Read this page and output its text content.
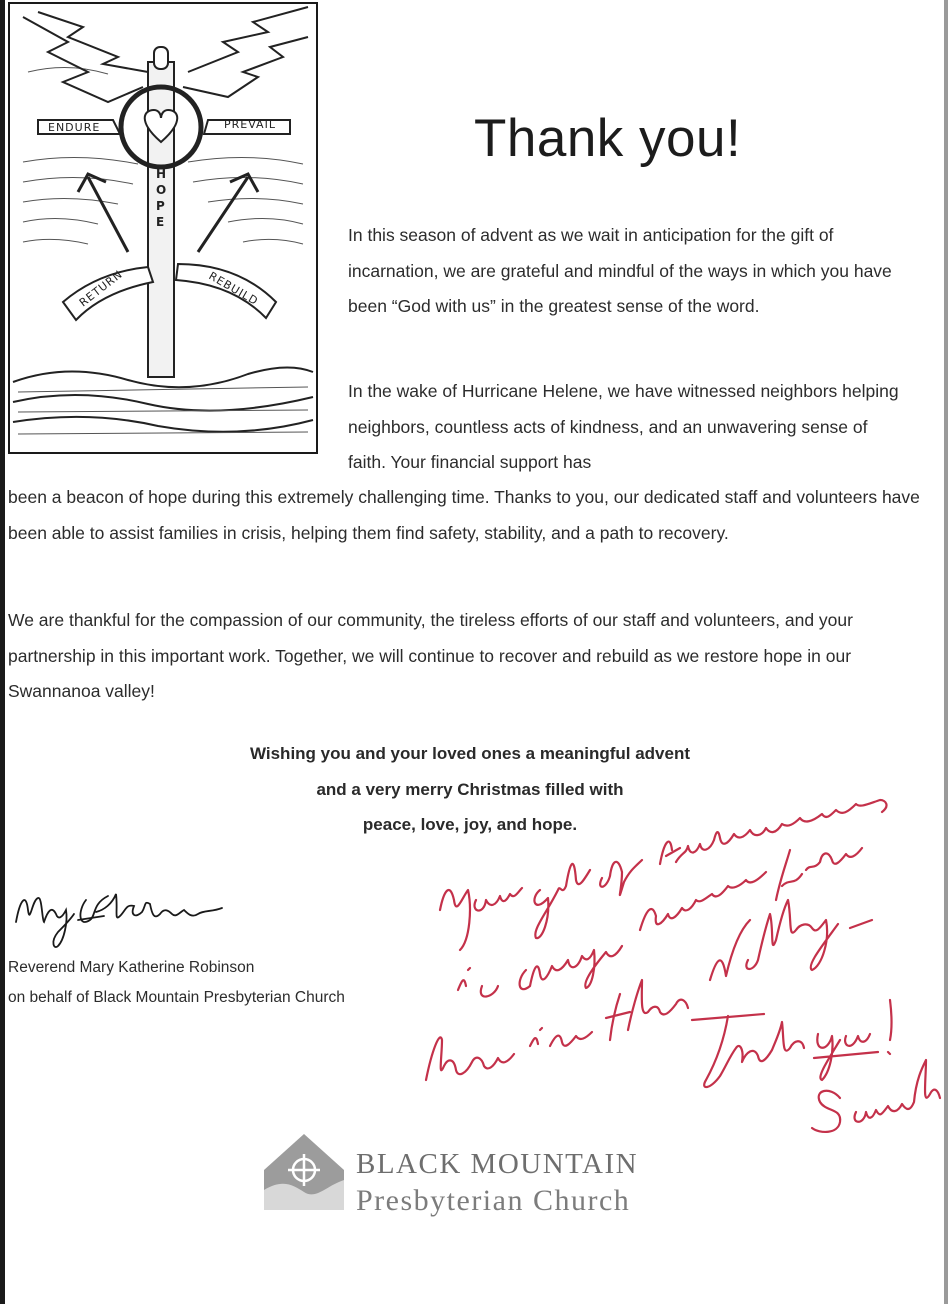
ENDURE	PREVAIL
H
O
P
E
RETURN	REBUILD
Thank you!

In this season of advent as we wait in anticipation for the gift of incarnation, we are grateful and mindful of the ways in which you have been “God with us” in the greatest sense of the word.

In the wake of Hurricane Helene, we have witnessed neighbors helping neighbors, countless acts of kindness, and an unwavering sense of faith. Your financial support has

been a beacon of hope during this extremely challenging time. Thanks to you, our dedicated staff and volunteers have been able to assist families in crisis, helping them find safety, stability, and a path to recovery.

We are thankful for the compassion of our community, the tireless efforts of our staff and volunteers, and your partnership in this important work. Together, we will continue to recover and rebuild as we restore hope in our Swannanoa valley!

Wishing you and your loved ones a meaningful advent
and a very merry Christmas filled with
peace, love, joy, and hope.

Reverend Mary Katherine Robinson

on behalf of Black Mountain Presbyterian Church

BLACK MOUNTAIN

Presbyterian Church
